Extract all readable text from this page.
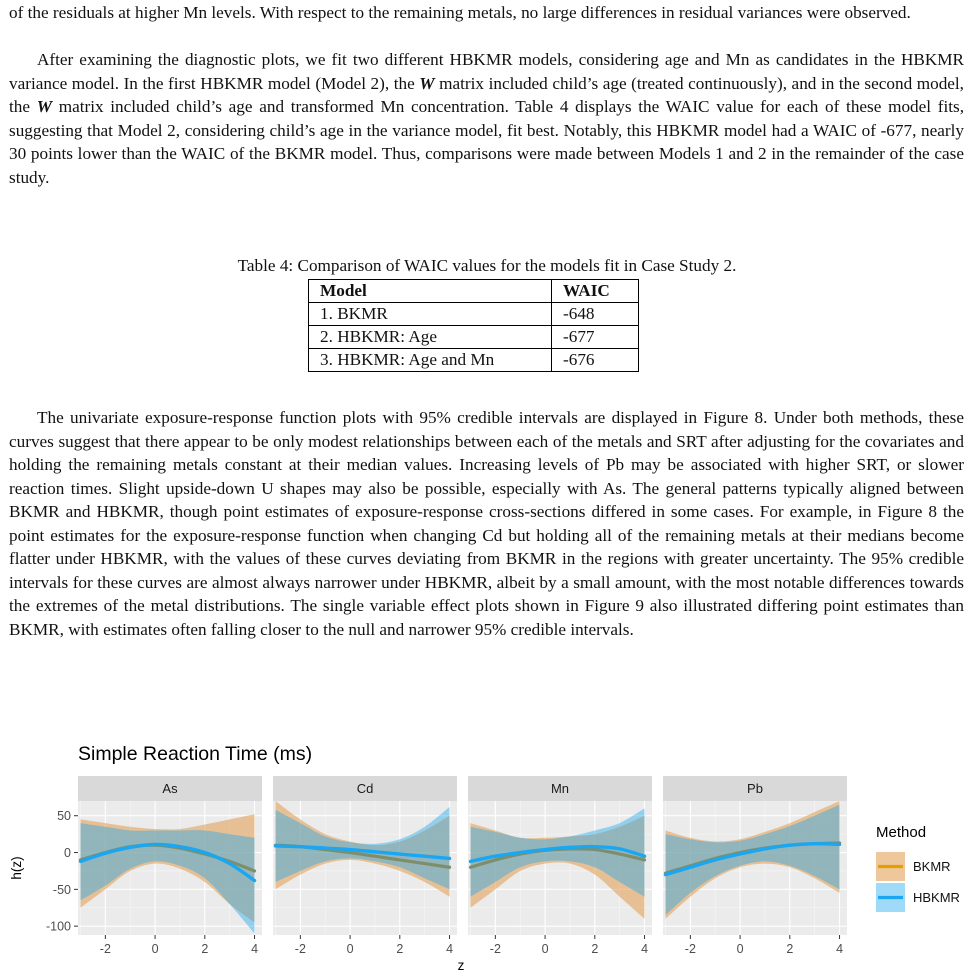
of the residuals at higher Mn levels. With respect to the remaining metals, no large differences in residual variances were observed.

After examining the diagnostic plots, we fit two different HBKMR models, considering age and Mn as candidates in the HBKMR variance model. In the first HBKMR model (Model 2), the W matrix included child’s age (treated continuously), and in the second model, the W matrix included child’s age and transformed Mn concentration. Table 4 displays the WAIC value for each of these model fits, suggesting that Model 2, considering child’s age in the variance model, fit best. Notably, this HBKMR model had a WAIC of -677, nearly 30 points lower than the WAIC of the BKMR model. Thus, comparisons were made between Models 1 and 2 in the remainder of the case study.

Table 4: Comparison of WAIC values for the models fit in Case Study 2.
Model	WAIC
1. BKMR	-648
2. HBKMR: Age	-677
3. HBKMR: Age and Mn	-676

The univariate exposure-response function plots with 95% credible intervals are displayed in Figure 8. Under both methods, these curves suggest that there appear to be only modest relationships between each of the metals and SRT after adjusting for the covariates and holding the remaining metals constant at their median values. Increasing levels of Pb may be associated with higher SRT, or slower reaction times. Slight upside-down U shapes may also be possible, especially with As. The general patterns typically aligned between BKMR and HBKMR, though point estimates of exposure-response cross-sections differed in some cases. For example, in Figure 8 the point estimates for the exposure-response function when changing Cd but holding all of the remaining metals at their medians become flatter under HBKMR, with the values of these curves deviating from BKMR in the regions with greater uncertainty. The 95% credible intervals for these curves are almost always narrower under HBKMR, albeit by a small amount, with the most notable differences towards the extremes of the metal distributions. The single variable effect plots shown in Figure 9 also illustrated differing point estimates than BKMR, with estimates often falling closer to the null and narrower 95% credible intervals.

Simple Reaction Time (ms)
As
-2	0	2	4
Cd
-2	0	2	4
Mn
-2	0	2	4
Pb
-2	0	2	4
50
0
-50
-100
z
h(z)
Method
BKMR
HBKMR
